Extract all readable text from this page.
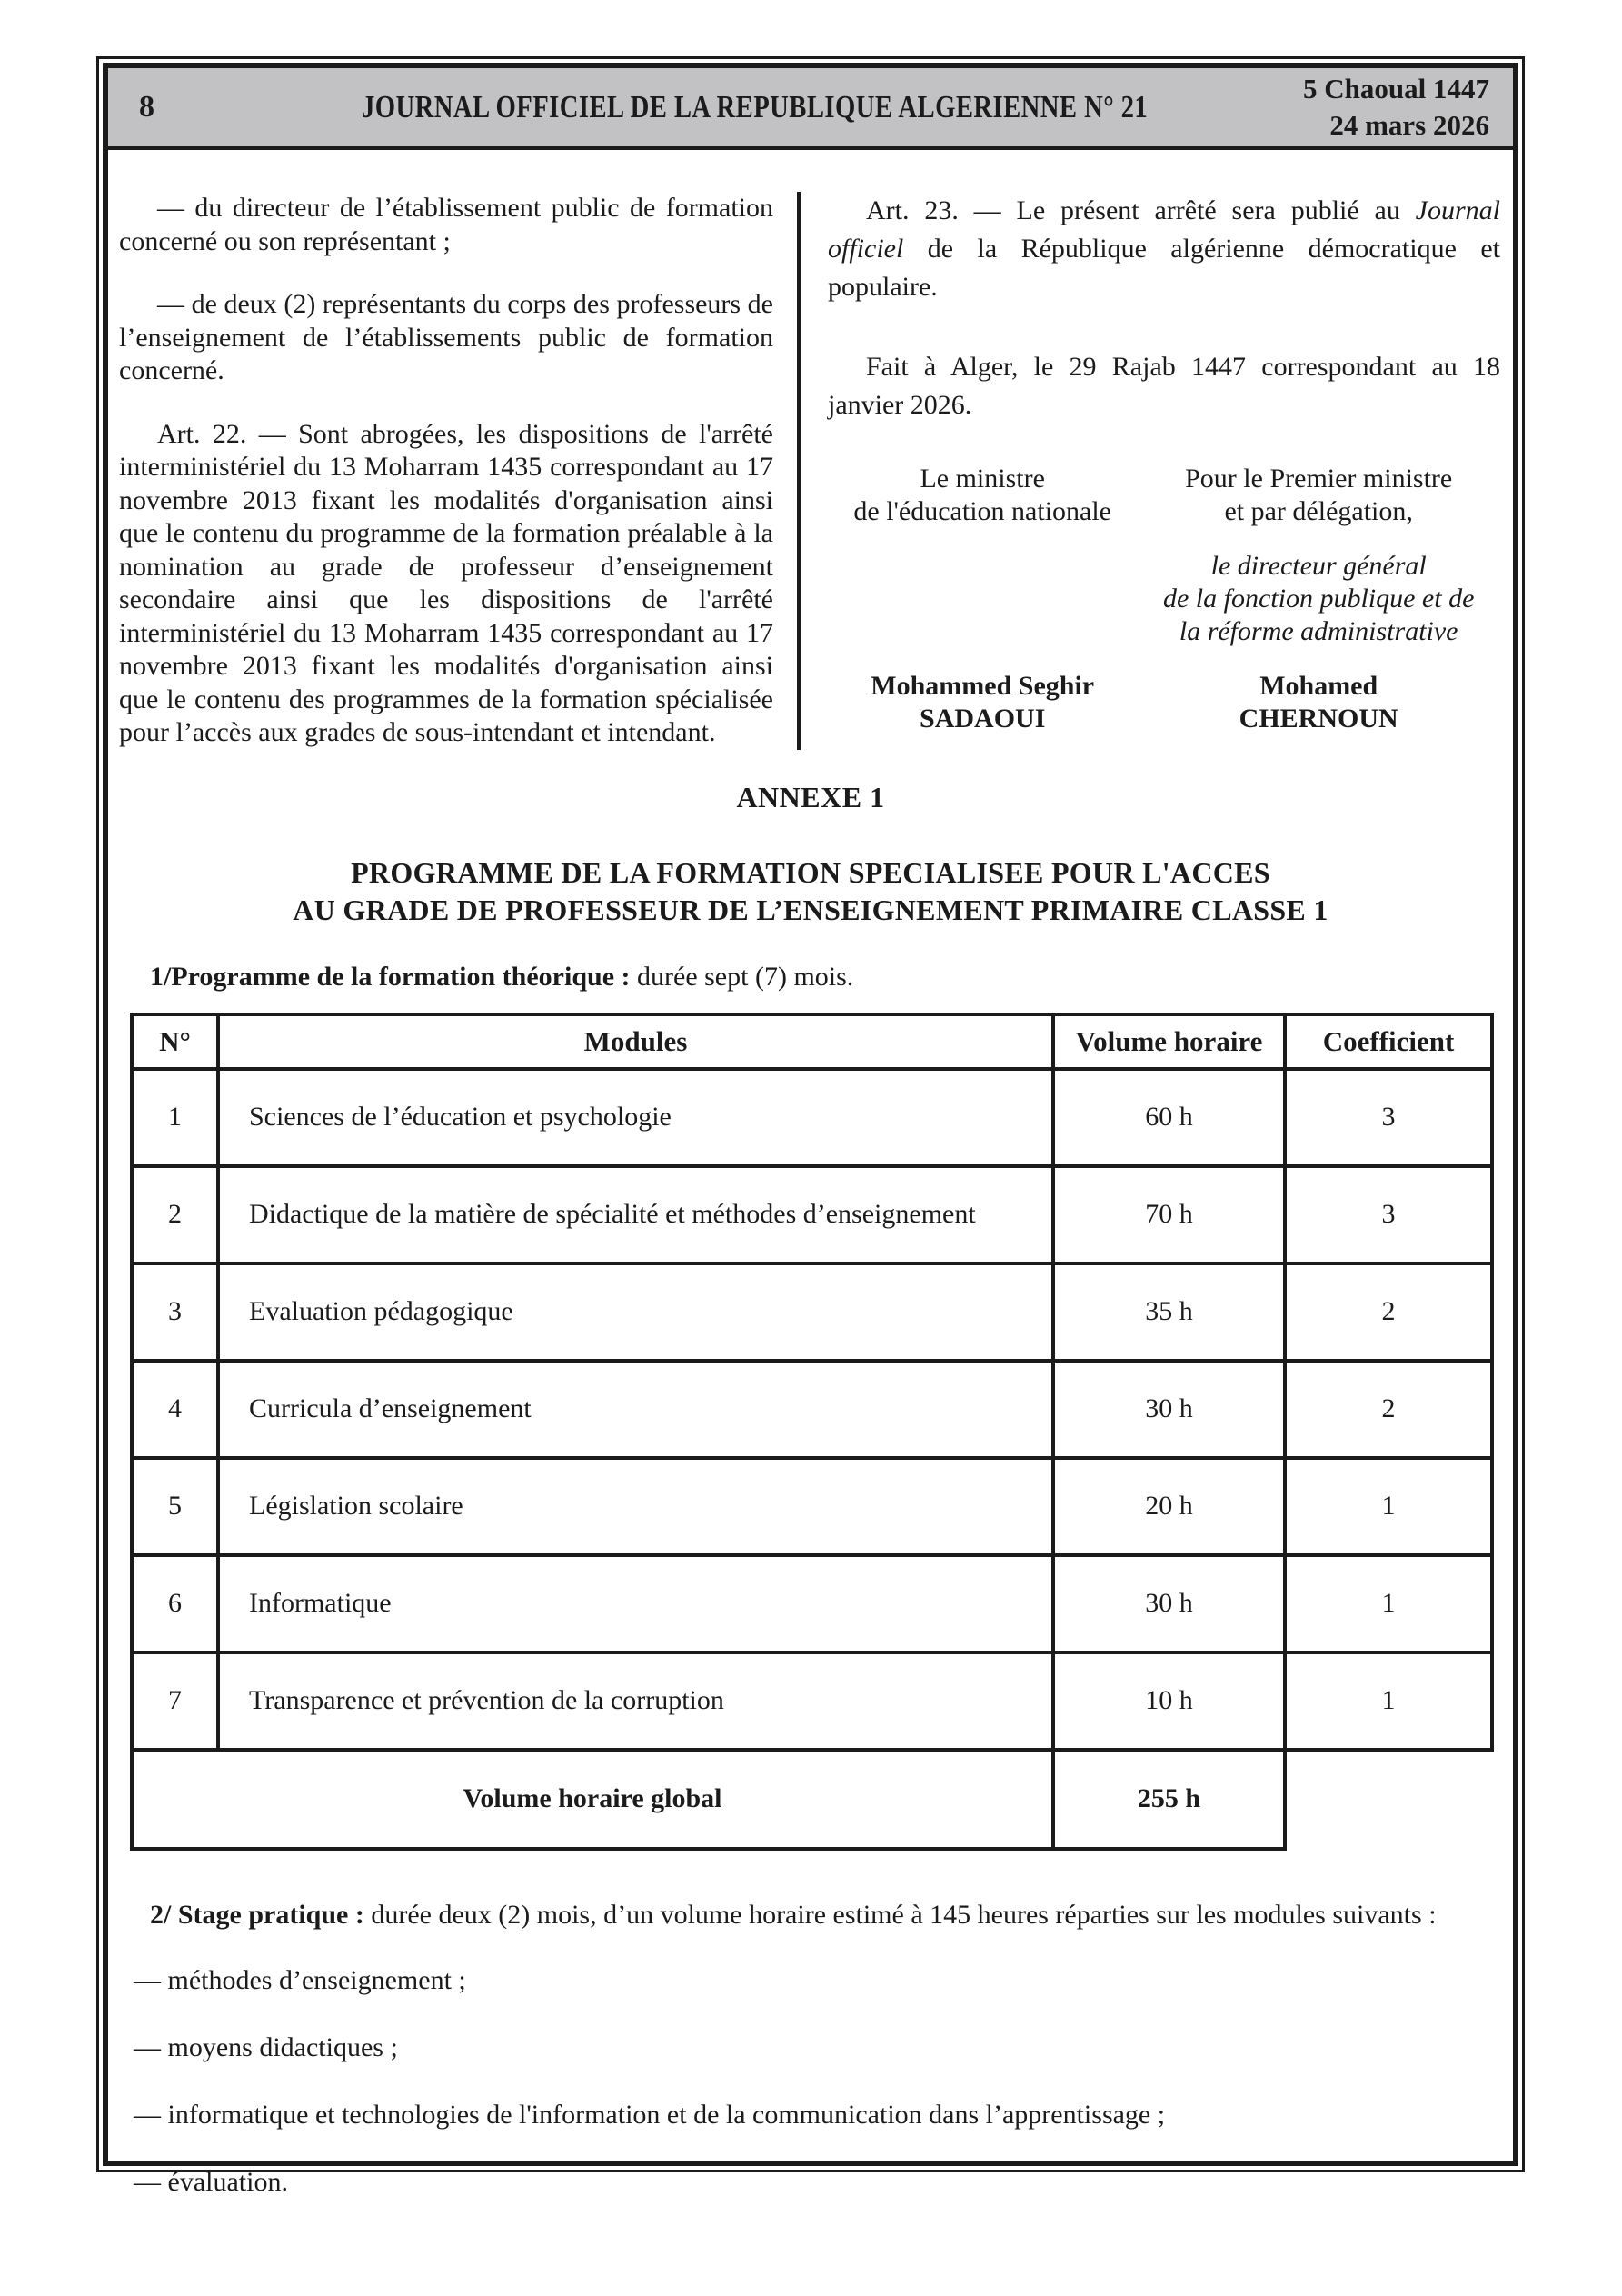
8	JOURNAL OFFICIEL DE LA REPUBLIQUE ALGERIENNE N° 21
5 Chaoual 1447
24 mars 2026

— du directeur de l’établissement public de formation concerné ou son représentant ;

— de deux (2) représentants du corps des professeurs de l’enseignement de l’établissements public de formation concerné.

Art. 22. — Sont abrogées, les dispositions de l'arrêté interministériel du 13 Moharram 1435 correspondant au 17 novembre 2013 fixant les modalités d'organisation ainsi que le contenu du programme de la formation préalable à la nomination au grade de professeur d’enseignement secondaire ainsi que les dispositions de l'arrêté interministériel du 13 Moharram 1435 correspondant au 17 novembre 2013 fixant les modalités d'organisation ainsi que le contenu des programmes de la formation spécialisée pour l’accès aux grades de sous-intendant et intendant.

Art. 23. — Le présent arrêté sera publié au Journal officiel de la République algérienne démocratique et populaire.

Fait à Alger, le 29 Rajab 1447 correspondant au 18 janvier 2026.

Le ministre
de l'éducation nationale
Mohammed Seghir
SADAOUI
Pour le Premier ministre
et par délégation,
le directeur général
de la fonction publique et de
la réforme administrative
Mohamed
CHERNOUN
ANNEXE 1
PROGRAMME DE LA FORMATION SPECIALISEE POUR L'ACCES
AU GRADE DE PROFESSEUR DE L’ENSEIGNEMENT PRIMAIRE CLASSE 1
1/Programme de la formation théorique : durée sept (7) mois.
N°	Modules	Volume horaire	Coefficient
1	Sciences de l’éducation et psychologie	60 h	3
2	Didactique de la matière de spécialité et méthodes d’enseignement	70 h	3
3	Evaluation pédagogique	35 h	2
4	Curricula d’enseignement	30 h	2
5	Législation scolaire	20 h	1
6	Informatique	30 h	1
7	Transparence et prévention de la corruption	10 h	1
Volume horaire global		255 h	
2/ Stage pratique : durée deux (2) mois, d’un volume horaire estimé à 145 heures réparties sur les modules suivants :
— méthodes d’enseignement ;
— moyens didactiques ;
— informatique et technologies de l'information et de la communication dans l’apprentissage ;
— évaluation.
